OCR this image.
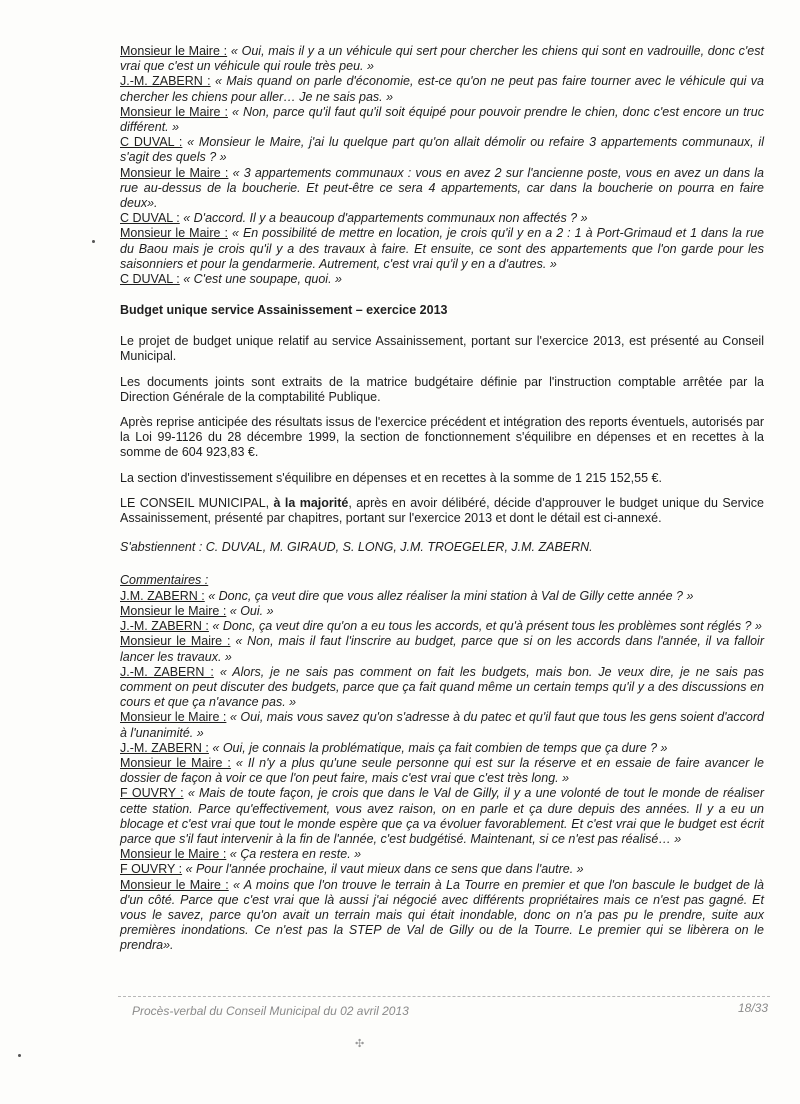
Monsieur le Maire : « Oui, mais il y a un véhicule qui sert pour chercher les chiens qui sont en vadrouille, donc c'est vrai que c'est un véhicule qui roule très peu. »

J.-M. ZABERN : « Mais quand on parle d'économie, est-ce qu'on ne peut pas faire tourner avec le véhicule qui va chercher les chiens pour aller… Je ne sais pas. »

Monsieur le Maire : « Non, parce qu'il faut qu'il soit équipé pour pouvoir prendre le chien, donc c'est encore un truc différent. »

C DUVAL : « Monsieur le Maire, j'ai lu quelque part qu'on allait démolir ou refaire 3 appartements communaux, il s'agit des quels ? »

Monsieur le Maire : « 3 appartements communaux : vous en avez 2 sur l'ancienne poste, vous en avez un dans la rue au-dessus de la boucherie. Et peut-être ce sera 4 appartements, car dans la boucherie on pourra en faire deux».

C DUVAL : « D'accord. Il y a beaucoup d'appartements communaux non affectés ? »

Monsieur le Maire : « En possibilité de mettre en location, je crois qu'il y en a 2 : 1 à Port-Grimaud et 1 dans la rue du Baou mais je crois qu'il y a des travaux à faire. Et ensuite, ce sont des appartements que l'on garde pour les saisonniers et pour la gendarmerie. Autrement, c'est vrai qu'il y en a d'autres. »

C DUVAL : « C'est une soupape, quoi. »

Budget unique service Assainissement – exercice 2013

Le projet de budget unique relatif au service Assainissement, portant sur l'exercice 2013, est présenté au Conseil Municipal.

Les documents joints sont extraits de la matrice budgétaire définie par l'instruction comptable arrêtée par la Direction Générale de la comptabilité Publique.

Après reprise anticipée des résultats issus de l'exercice précédent et intégration des reports éventuels, autorisés par la Loi 99-1126 du 28 décembre 1999, la section de fonctionnement s'équilibre en dépenses et en recettes à la somme de 604 923,83 €.

La section d'investissement s'équilibre en dépenses et en recettes à la somme de 1 215 152,55 €.

LE CONSEIL MUNICIPAL, à la majorité, après en avoir délibéré, décide d'approuver le budget unique du Service Assainissement, présenté par chapitres, portant sur l'exercice 2013 et dont le détail est ci-annexé.

S'abstiennent : C. DUVAL, M. GIRAUD, S. LONG, J.M. TROEGELER, J.M. ZABERN.

Commentaires :

J.M. ZABERN : « Donc, ça veut dire que vous allez réaliser la mini station à Val de Gilly cette année ? »

Monsieur le Maire : « Oui. »

J.-M. ZABERN : « Donc, ça veut dire qu'on a eu tous les accords, et qu'à présent tous les problèmes sont réglés ? »

Monsieur le Maire : « Non, mais il faut l'inscrire au budget, parce que si on les accords dans l'année, il va falloir lancer les travaux. »

J.-M. ZABERN : « Alors, je ne sais pas comment on fait les budgets, mais bon. Je veux dire, je ne sais pas comment on peut discuter des budgets, parce que ça fait quand même un certain temps qu'il y a des discussions en cours et que ça n'avance pas. »

Monsieur le Maire : « Oui, mais vous savez qu'on s'adresse à du patec et qu'il faut que tous les gens soient d'accord à l'unanimité. »

J.-M. ZABERN : « Oui, je connais la problématique, mais ça fait combien de temps que ça dure ? »

Monsieur le Maire : « Il n'y a plus qu'une seule personne qui est sur la réserve et en essaie de faire avancer le dossier de façon à voir ce que l'on peut faire, mais c'est vrai que c'est très long. »

F OUVRY : « Mais de toute façon, je crois que dans le Val de Gilly, il y a une volonté de tout le monde de réaliser cette station. Parce qu'effectivement, vous avez raison, on en parle et ça dure depuis des années. Il y a eu un blocage et c'est vrai que tout le monde espère que ça va évoluer favorablement. Et c'est vrai que le budget est écrit parce que s'il faut intervenir à la fin de l'année, c'est budgétisé. Maintenant, si ce n'est pas réalisé… »

Monsieur le Maire : « Ça restera en reste. »

F OUVRY : « Pour l'année prochaine, il vaut mieux dans ce sens que dans l'autre. »

Monsieur le Maire : « A moins que l'on trouve le terrain à La Tourre en premier et que l'on bascule le budget de là d'un côté. Parce que c'est vrai que là aussi j'ai négocié avec différents propriétaires mais ce n'est pas gagné. Et vous le savez, parce qu'on avait un terrain mais qui était inondable, donc on n'a pas pu le prendre, suite aux premières inondations. Ce n'est pas la STEP de Val de Gilly ou de la Tourre. Le premier qui se libèrera on le prendra».

Procès-verbal du Conseil Municipal du 02 avril 2013	18/33
✣
